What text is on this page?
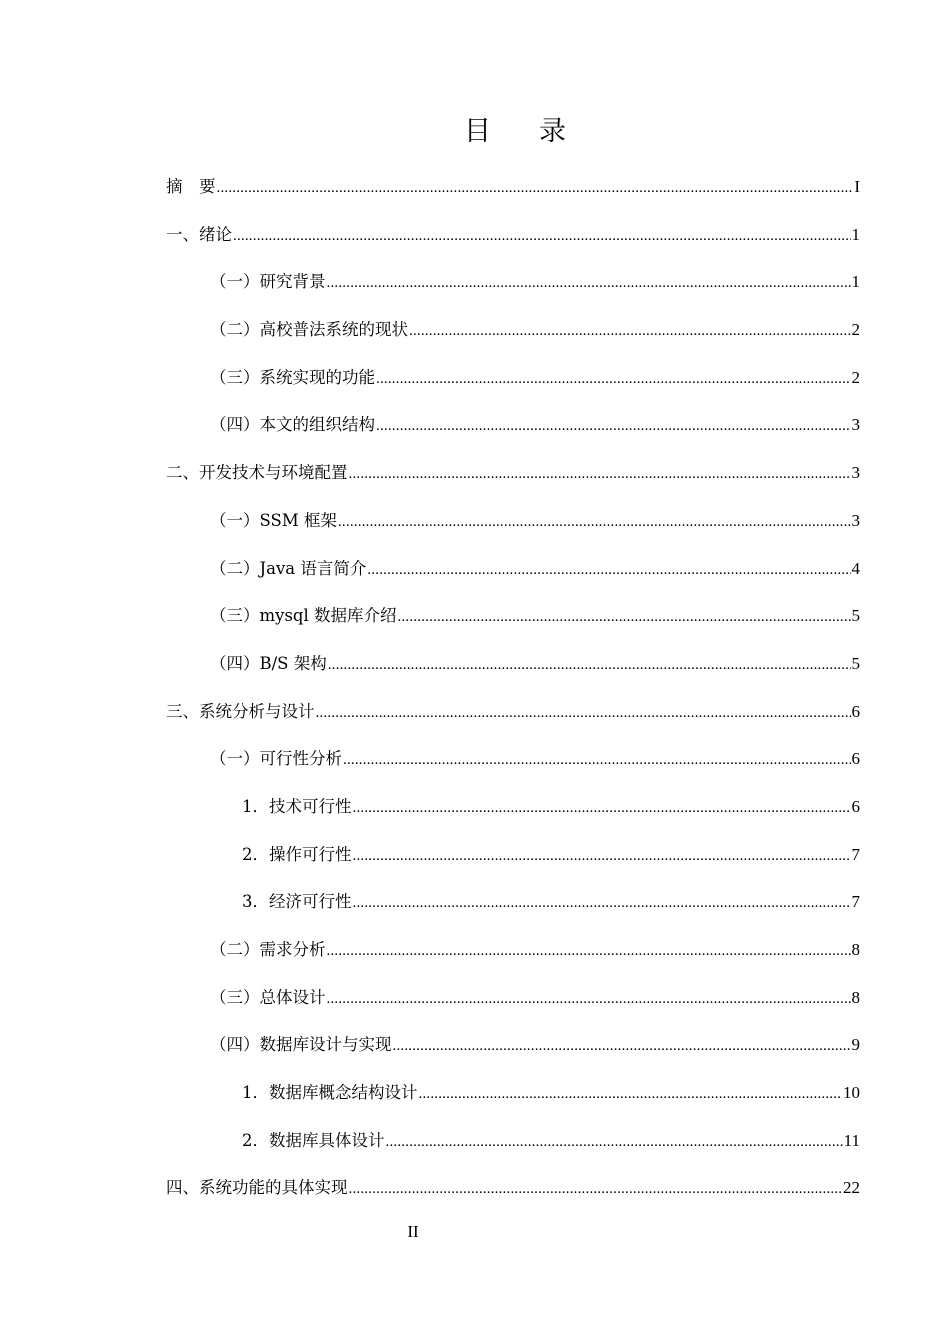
目 录
摘　要 .....	I
一、绪论 .....	1
（一）研究背景 .....	1
（二）高校普法系统的现状 .....	2
（三）系统实现的功能 .....	2
（四）本文的组织结构 .....	3
二、开发技术与环境配置 .....	3
（一）SSM 框架 .....	3
（二）Java 语言简介 .....	4
（三）mysql 数据库介绍 .....	5
（四）B/S 架构 .....	5
三、系统分析与设计 .....	6
（一）可行性分析 .....	6
1．技术可行性 .....	6
2．操作可行性 .....	7
3．经济可行性 .....	7
（二）需求分析 .....	8
（三）总体设计 .....	8
（四）数据库设计与实现 .....	9
1．数据库概念结构设计 .....	10
2．数据库具体设计 .....	11
四、系统功能的具体实现 .....	22
II
